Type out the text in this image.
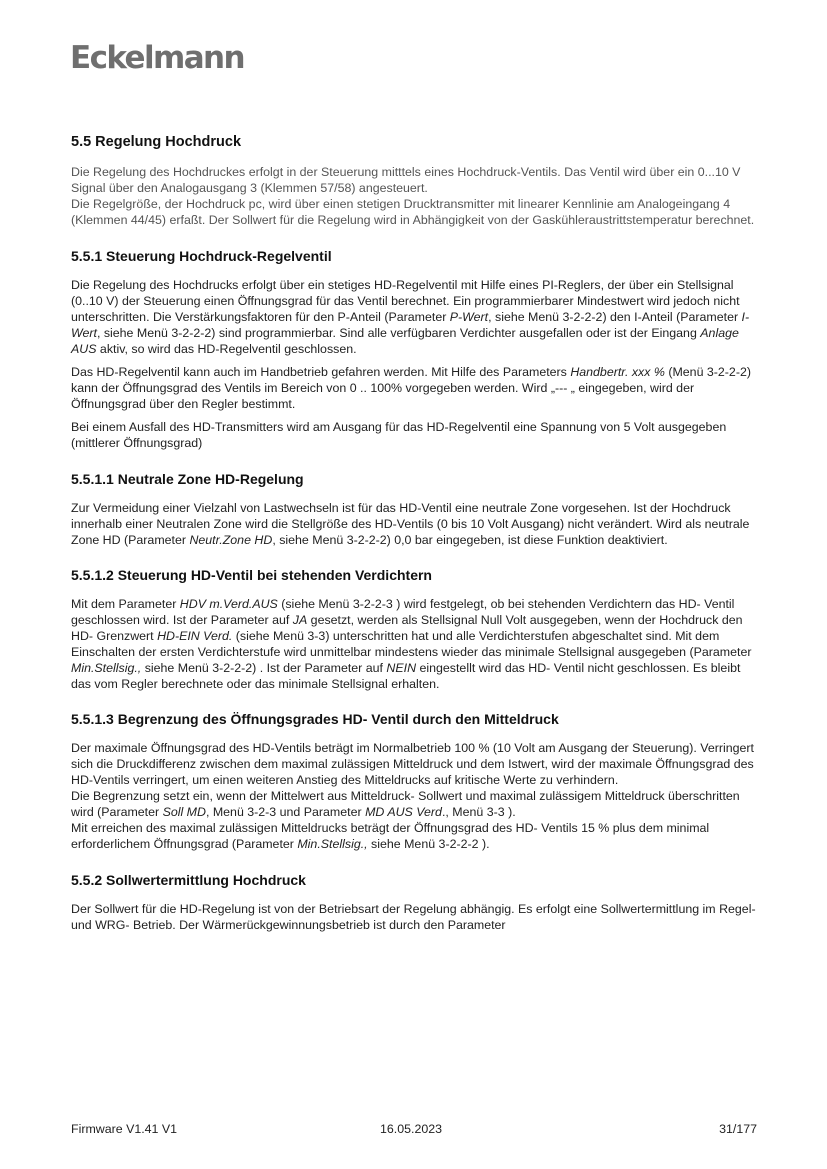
Eckelmann
5.5 Regelung Hochdruck

Die Regelung des Hochdruckes erfolgt in der Steuerung mitttels eines Hochdruck-Ventils. Das Ventil wird über ein 0...10 V Signal über den Analogausgang 3 (Klemmen 57/58) angesteuert.

Die Regelgröße, der Hochdruck pc, wird über einen stetigen Drucktransmitter mit linearer Kennlinie am Analogeingang 4 (Klemmen 44/45) erfaßt. Der Sollwert für die Regelung wird in Abhängigkeit von der Gaskühleraustrittstemperatur berechnet.

5.5.1 Steuerung Hochdruck-Regelventil

Die Regelung des Hochdrucks erfolgt über ein stetiges HD-Regelventil mit Hilfe eines PI-Reglers, der über ein Stellsignal (0..10 V) der Steuerung einen Öffnungsgrad für das Ventil berechnet. Ein programmierbarer Mindestwert wird jedoch nicht unterschritten. Die Verstärkungsfaktoren für den P-Anteil (Parameter P-Wert, siehe Menü 3-2-2-2) den I-Anteil (Parameter I-Wert, siehe Menü 3-2-2-2) sind programmierbar. Sind alle verfügbaren Verdichter ausgefallen oder ist der Eingang Anlage AUS aktiv, so wird das HD-Regelventil geschlossen.

Das HD-Regelventil kann auch im Handbetrieb gefahren werden. Mit Hilfe des Parameters Handbertr. xxx % (Menü 3-2-2-2) kann der Öffnungsgrad des Ventils im Bereich von 0 .. 100% vorgegeben werden. Wird „--- „ eingegeben, wird der Öffnungsgrad über den Regler bestimmt.

Bei einem Ausfall des HD-Transmitters wird am Ausgang für das HD-Regelventil eine Spannung von 5 Volt ausgegeben (mittlerer Öffnungsgrad)

5.5.1.1 Neutrale Zone HD-Regelung

Zur Vermeidung einer Vielzahl von Lastwechseln ist für das HD-Ventil eine neutrale Zone vorgesehen. Ist der Hochdruck innerhalb einer Neutralen Zone wird die Stellgröße des HD-Ventils (0 bis 10 Volt Ausgang) nicht verändert. Wird als neutrale Zone HD (Parameter Neutr.Zone HD, siehe Menü 3-2-2-2) 0,0 bar eingegeben, ist diese Funktion deaktiviert.

5.5.1.2 Steuerung HD-Ventil bei stehenden Verdichtern

Mit dem Parameter HDV m.Verd.AUS (siehe Menü 3-2-2-3 ) wird festgelegt, ob bei stehenden Verdichtern das HD- Ventil geschlossen wird. Ist der Parameter auf JA gesetzt, werden als Stellsignal Null Volt ausgegeben, wenn der Hochdruck den HD- Grenzwert HD-EIN Verd. (siehe Menü 3-3) unterschritten hat und alle Verdichterstufen abgeschaltet sind. Mit dem Einschalten der ersten Verdichterstufe wird unmittelbar mindestens wieder das minimale Stellsignal ausgegeben (Parameter Min.Stellsig., siehe Menü 3-2-2-2) . Ist der Parameter auf NEIN eingestellt wird das HD- Ventil nicht geschlossen. Es bleibt das vom Regler berechnete oder das minimale Stellsignal erhalten.

5.5.1.3 Begrenzung des Öffnungsgrades HD- Ventil durch den Mitteldruck

Der maximale Öffnungsgrad des HD-Ventils beträgt im Normalbetrieb 100 % (10 Volt am Ausgang der Steuerung). Verringert sich die Druckdifferenz zwischen dem maximal zulässigen Mitteldruck und dem Istwert, wird der maximale Öffnungsgrad des HD-Ventils verringert, um einen weiteren Anstieg des Mitteldrucks auf kritische Werte zu verhindern.

Die Begrenzung setzt ein, wenn der Mittelwert aus Mitteldruck- Sollwert und maximal zulässigem Mitteldruck überschritten wird (Parameter Soll MD, Menü 3-2-3 und Parameter MD AUS Verd., Menü 3-3 ).

Mit erreichen des maximal zulässigen Mitteldrucks beträgt der Öffnungsgrad des HD- Ventils 15 % plus dem minimal erforderlichem Öffnungsgrad (Parameter Min.Stellsig., siehe Menü 3-2-2-2 ).

5.5.2 Sollwertermittlung Hochdruck

Der Sollwert für die HD-Regelung ist von der Betriebsart der Regelung abhängig. Es erfolgt eine Sollwertermittlung im Regel- und WRG- Betrieb. Der Wärmerückgewinnungsbetrieb ist durch den Parameter

Firmware V1.41 V1	16.05.2023	31/177
